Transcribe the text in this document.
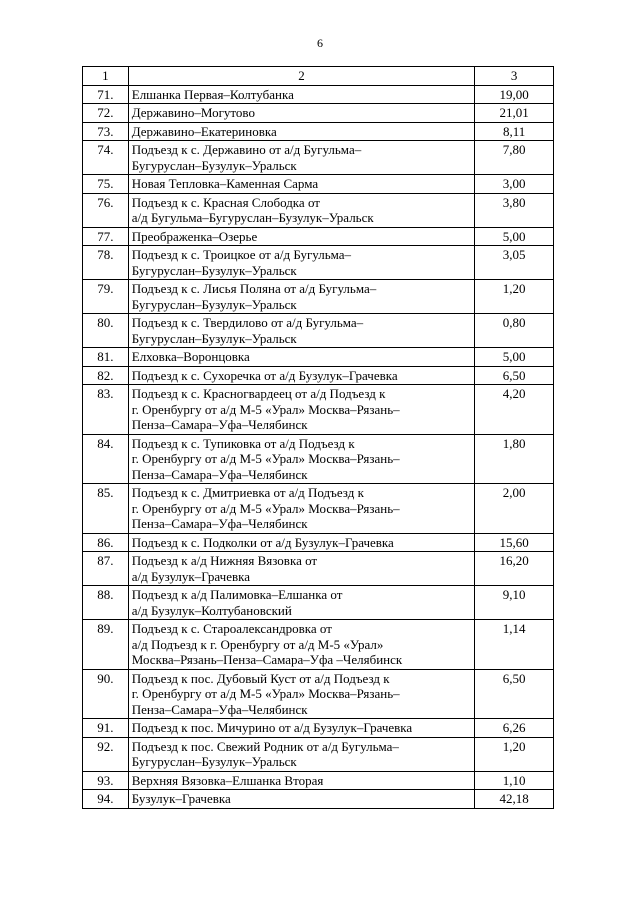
6
1	2	3
71.	Елшанка Первая–Колтубанка	19,00
72.	Державино–Могутово	21,01
73.	Державино–Екатериновка	8,11
74.	Подъезд к с. Державино от а/д Бугульма–
Бугуруслан–Бузулук–Уральск	7,80
75.	Новая Тепловка–Каменная Сарма	3,00
76.	Подъезд к с. Красная Слободка от
а/д Бугульма–Бугуруслан–Бузулук–Уральск	3,80
77.	Преображенка–Озерье	5,00
78.	Подъезд к с. Троицкое от а/д Бугульма–
Бугуруслан–Бузулук–Уральск	3,05
79.	Подъезд к с. Лисья Поляна от а/д Бугульма–
Бугуруслан–Бузулук–Уральск	1,20
80.	Подъезд к с. Твердилово от а/д Бугульма–
Бугуруслан–Бузулук–Уральск	0,80
81.	Елховка–Воронцовка	5,00
82.	Подъезд к с. Сухоречка от а/д Бузулук–Грачевка	6,50
83.	Подъезд к с. Красногвардеец от а/д Подъезд к
г. Оренбургу от а/д М-5 «Урал» Москва–Рязань–
Пенза–Самара–Уфа–Челябинск	4,20
84.	Подъезд к с. Тупиковка от а/д Подъезд к
г. Оренбургу от а/д М-5 «Урал» Москва–Рязань–
Пенза–Самара–Уфа–Челябинск	1,80
85.	Подъезд к с. Дмитриевка от а/д Подъезд к
г. Оренбургу от а/д М-5 «Урал» Москва–Рязань–
Пенза–Самара–Уфа–Челябинск	2,00
86.	Подъезд к с. Подколки от а/д Бузулук–Грачевка	15,60
87.	Подъезд к а/д Нижняя Вязовка от
а/д Бузулук–Грачевка	16,20
88.	Подъезд к а/д Палимовка–Елшанка от
а/д Бузулук–Колтубановский	9,10
89.	Подъезд к с. Староалександровка от
а/д Подъезд к г. Оренбургу от а/д М-5 «Урал»
Москва–Рязань–Пенза–Самара–Уфа –Челябинск	1,14
90.	Подъезд к пос. Дубовый Куст от а/д Подъезд к
г. Оренбургу от а/д М-5 «Урал» Москва–Рязань–
Пенза–Самара–Уфа–Челябинск	6,50
91.	Подъезд к пос. Мичурино от а/д Бузулук–Грачевка	6,26
92.	Подъезд к пос. Свежий Родник от а/д Бугульма–
Бугуруслан–Бузулук–Уральск	1,20
93.	Верхняя Вязовка–Елшанка Вторая	1,10
94.	Бузулук–Грачевка	42,18
